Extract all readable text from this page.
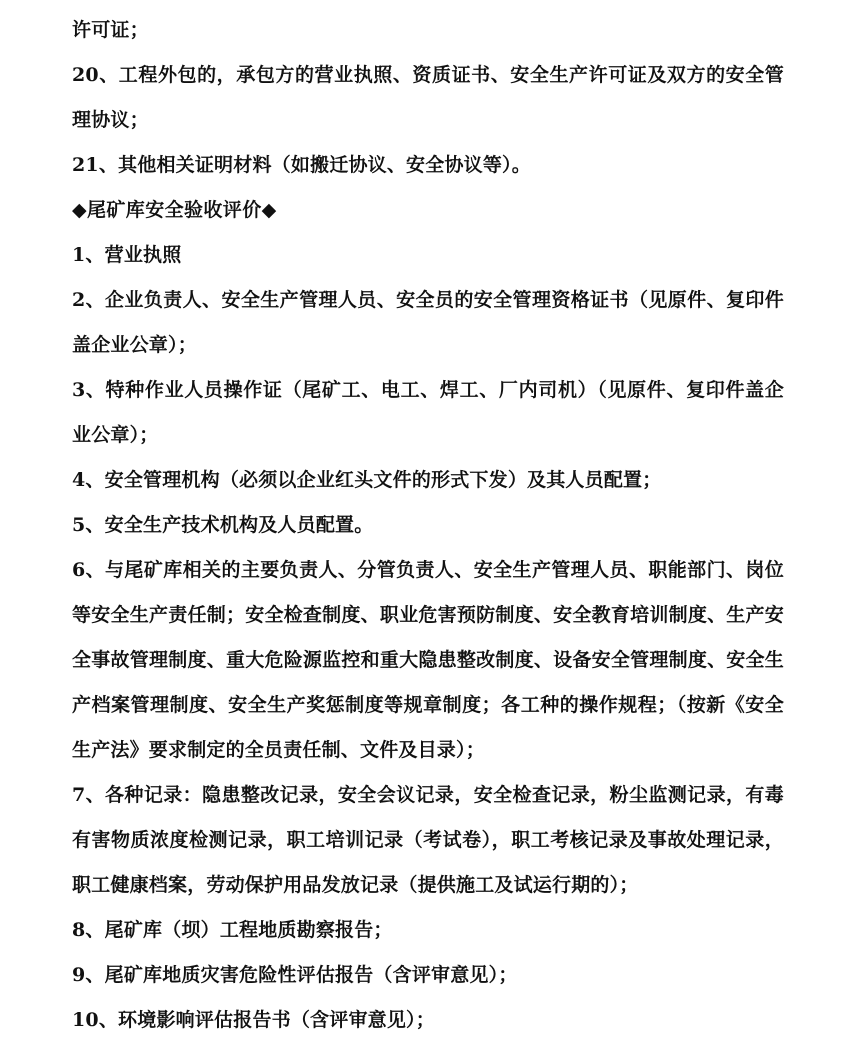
许可证；

20、工程外包的，承包方的营业执照、资质证书、安全生产许可证及双方的安全管理协议；

21、其他相关证明材料（如搬迁协议、安全协议等）。

◆尾矿库安全验收评价◆

1、营业执照

2、企业负责人、安全生产管理人员、安全员的安全管理资格证书（见原件、复印件盖企业公章）；

3、特种作业人员操作证（尾矿工、电工、焊工、厂内司机）（见原件、复印件盖企业公章）；

4、安全管理机构（必须以企业红头文件的形式下发）及其人员配置；

5、安全生产技术机构及人员配置。

6、与尾矿库相关的主要负责人、分管负责人、安全生产管理人员、职能部门、岗位等安全生产责任制；安全检查制度、职业危害预防制度、安全教育培训制度、生产安全事故管理制度、重大危险源监控和重大隐患整改制度、设备安全管理制度、安全生产档案管理制度、安全生产奖惩制度等规章制度；各工种的操作规程；（按新《安全生产法》要求制定的全员责任制、文件及目录）；

7、各种记录：隐患整改记录，安全会议记录，安全检查记录，粉尘监测记录，有毒有害物质浓度检测记录，职工培训记录（考试卷），职工考核记录及事故处理记录，职工健康档案，劳动保护用品发放记录（提供施工及试运行期的）；

8、尾矿库（坝）工程地质勘察报告；

9、尾矿库地质灾害危险性评估报告（含评审意见）；

10、环境影响评估报告书（含评审意见）；
